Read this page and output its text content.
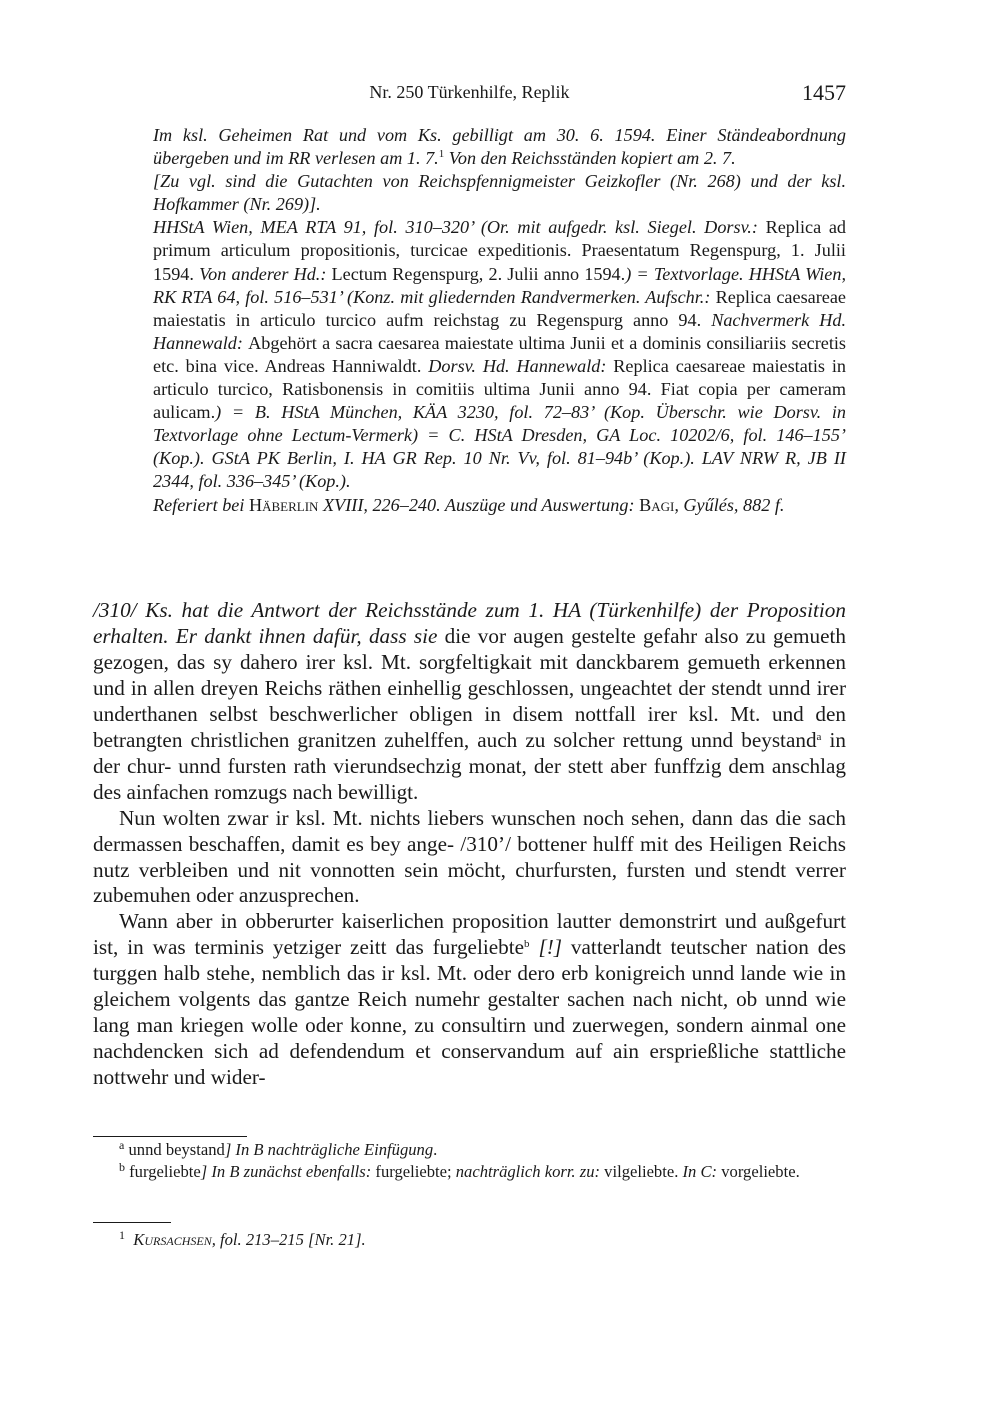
Nr. 250 Türkenhilfe, Replik	1457

Im ksl. Geheimen Rat und vom Ks. gebilligt am 30. 6. 1594. Einer Ständeabordnung übergeben und im RR verlesen am 1. 7.$^1$ Von den Reichsständen kopiert am 2. 7.

[Zu vgl. sind die Gutachten von Reichspfennigmeister Geizkofler (Nr. 268) und der ksl. Hofkammer (Nr. 269)].

HHStA Wien, MEA RTA 91, fol. 310–320’ (Or. mit aufgedr. ksl. Siegel. Dorsv.: Replica ad primum articulum propositionis, turcicae expeditionis. Praesentatum Regenspurg, 1. Julii 1594. Von anderer Hd.: Lectum Regenspurg, 2. Julii anno 1594.) = Textvorlage. HHStA Wien, RK RTA 64, fol. 516–531’ (Konz. mit gliedernden Randvermerken. Aufschr.: Replica caesareae maiestatis in articulo turcico aufm reichstag zu Regenspurg anno 94. Nachvermerk Hd. Hannewald: Abgehört a sacra caesarea maiestate ultima Junii et a dominis consiliariis secretis etc. bina vice. Andreas Hanniwaldt. Dorsv. Hd. Hannewald: Replica caesareae maiestatis in articulo turcico, Ratisbonensis in comitiis ultima Junii anno 94. Fiat copia per cameram aulicam.) = B. HStA München, KÄA 3230, fol. 72–83’ (Kop. Überschr. wie Dorsv. in Textvorlage ohne Lectum-Vermerk) = C. HStA Dresden, GA Loc. 10202/6, fol. 146–155’ (Kop.). GStA PK Berlin, I. HA GR Rep. 10 Nr. Vv, fol. 81–94b’ (Kop.). LAV NRW R, JB II 2344, fol. 336–345’ (Kop.).

Referiert bei Häberlin XVIII, 226–240. Auszüge und Auswertung: Bagi, Gyűlés, 882 f.

/310/ Ks. hat die Antwort der Reichsstände zum 1. HA (Türkenhilfe) der Proposition erhalten. Er dankt ihnen dafür, dass sie die vor augen gestelte gefahr also zu gemueth gezogen, das sy dahero irer ksl. Mt. sorgfeltigkait mit danckbarem gemueth erkennen und in allen dreyen Reichs räthen einhellig geschlossen, ungeachtet der stendt unnd irer underthanen selbst beschwerlicher obligen in disem nottfall irer ksl. Mt. und den betrangten christlichen granitzen zuhelffen, auch zu solcher rettung unnd beystand$^a$ in der chur- unnd fursten rath vierundsechzig monat, der stett aber funffzig dem anschlag des ainfachen romzugs nach bewilligt.

Nun wolten zwar ir ksl. Mt. nichts liebers wunschen noch sehen, dann das die sach dermassen beschaffen, damit es bey ange- /310’/ bottener hulff mit des Heiligen Reichs nutz verbleiben und nit vonnotten sein möcht, churfursten, fursten und stendt verrer zubemuhen oder anzusprechen.

Wann aber in obberurter kaiserlichen proposition lautter demonstrirt und außgefurt ist, in was terminis yetziger zeitt das furgeliebte$^b$ [!] vatterlandt teutscher nation des turggen halb stehe, nemblich das ir ksl. Mt. oder dero erb konigreich unnd lande wie in gleichem volgents das gantze Reich numehr gestalter sachen nach nicht, ob unnd wie lang man kriegen wolle oder konne, zu consultirn und zuerwegen, sondern ainmal one nachdencken sich ad defendendum et conservandum auf ain ersprießliche stattliche nottwehr und wider-

$^a$ unnd beystand] In B nachträgliche Einfügung.

$^b$ furgeliebte] In B zunächst ebenfalls: furgeliebte; nachträglich korr. zu: vilgeliebte. In C: vorgeliebte.

$^1$ Kursachsen, fol. 213–215 [Nr. 21].
